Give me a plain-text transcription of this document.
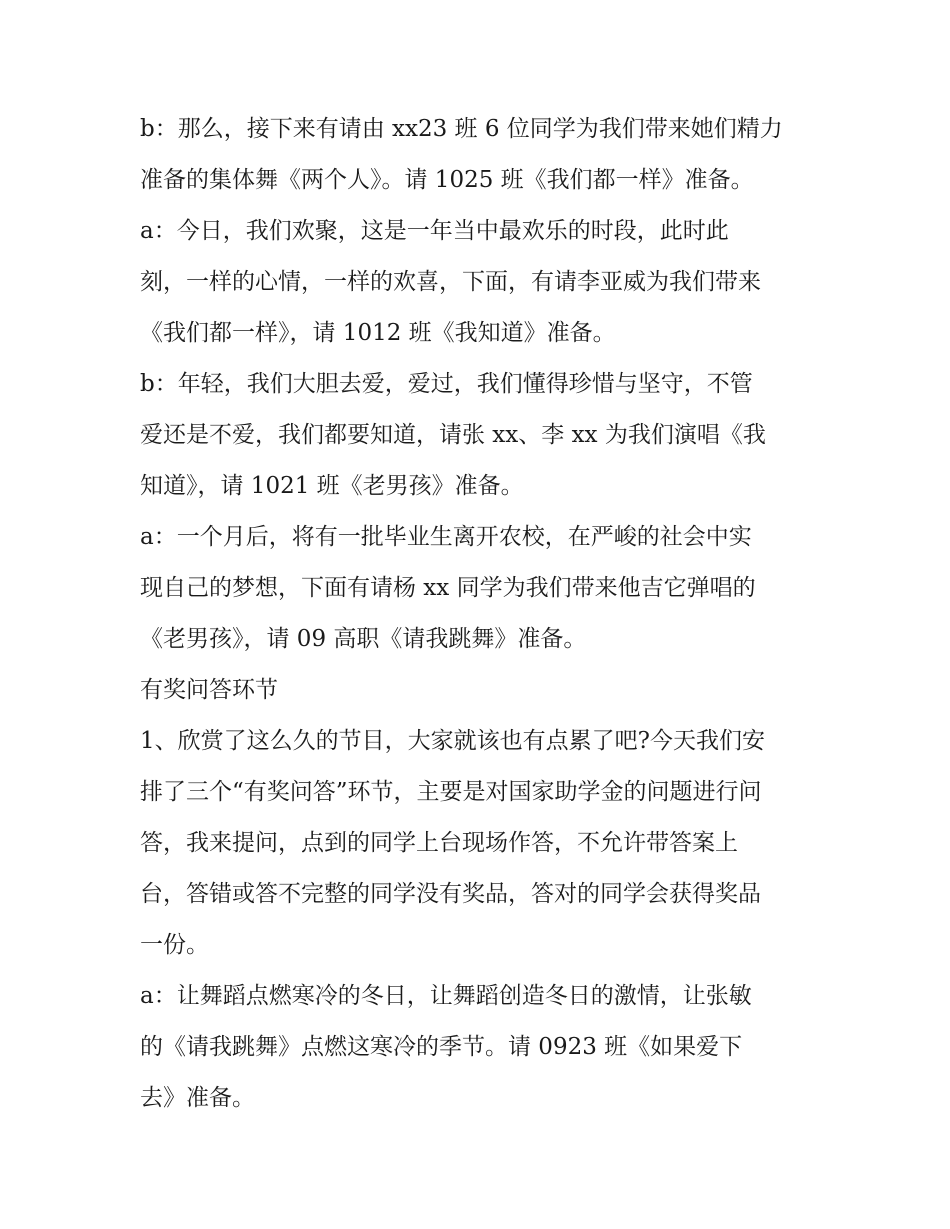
b：那么，接下来有请由 xx23 班 6 位同学为我们带来她们精力
准备的集体舞《两个人》。请 1025 班《我们都一样》准备。
a：今日，我们欢聚，这是一年当中最欢乐的时段，此时此
刻，一样的心情，一样的欢喜，下面，有请李亚威为我们带来
《我们都一样》，请 1012 班《我知道》准备。
b：年轻，我们大胆去爱，爱过，我们懂得珍惜与坚守，不管
爱还是不爱，我们都要知道，请张 xx、李 xx 为我们演唱《我
知道》，请 1021 班《老男孩》准备。
a：一个月后，将有一批毕业生离开农校，在严峻的社会中实
现自己的梦想，下面有请杨 xx 同学为我们带来他吉它弹唱的
《老男孩》，请 09 高职《请我跳舞》准备。
有奖问答环节
1、欣赏了这么久的节目，大家就该也有点累了吧?今天我们安
排了三个“有奖问答”环节，主要是对国家助学金的问题进行问
答，我来提问，点到的同学上台现场作答，不允许带答案上
台，答错或答不完整的同学没有奖品，答对的同学会获得奖品
一份。
a：让舞蹈点燃寒冷的冬日，让舞蹈创造冬日的激情，让张敏
的《请我跳舞》点燃这寒冷的季节。请 0923 班《如果爱下
去》准备。
